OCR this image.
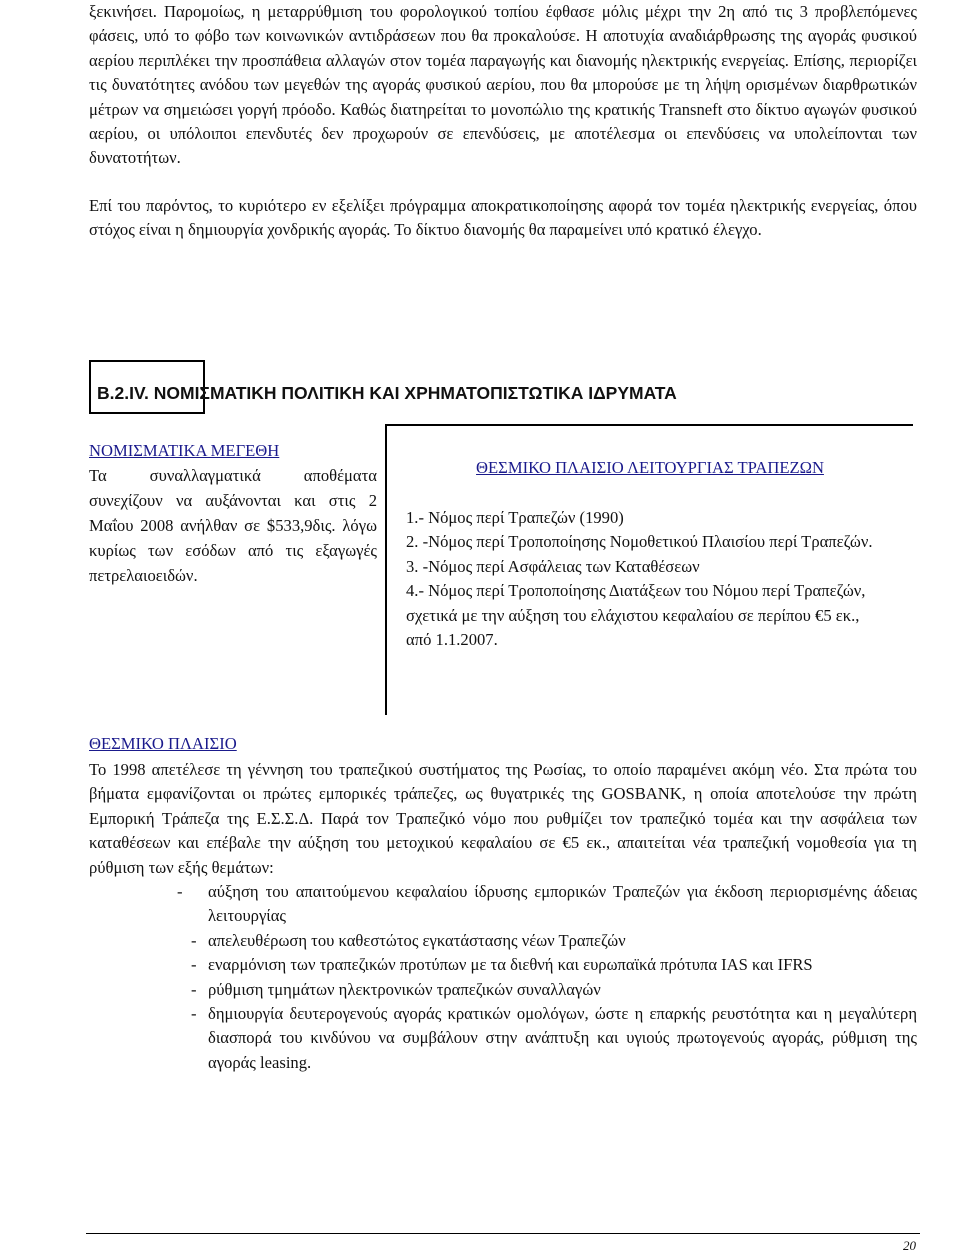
ξεκινήσει. Παρομοίως, η μεταρρύθμιση του φορολογικού τοπίου έφθασε μόλις μέχρι την 2η από τις 3 προβλεπόμενες φάσεις, υπό το φόβο των κοινωνικών αντιδράσεων που θα προκαλούσε. Η αποτυχία αναδιάρθρωσης της αγοράς φυσικού αερίου περιπλέκει την προσπάθεια αλλαγών στον τομέα παραγωγής και διανομής ηλεκτρικής ενεργείας. Επίσης, περιορίζει τις δυνατότητες ανόδου των μεγεθών της αγοράς φυσικού αερίου, που θα μπορούσε με τη λήψη ορισμένων διαρθρωτικών μέτρων να σημειώσει γοργή πρόοδο. Καθώς διατηρείται το μονοπώλιο της κρατικής Transneft στο δίκτυο αγωγών φυσικού αερίου, οι υπόλοιποι επενδυτές δεν προχωρούν σε επενδύσεις, με αποτέλεσμα οι επενδύσεις να υπολείπονται των δυνατοτήτων.

Επί του παρόντος, το κυριότερο εν εξελίξει πρόγραμμα αποκρατικοποίησης αφορά τον τομέα ηλεκτρικής ενεργείας, όπου στόχος είναι η δημιουργία χονδρικής αγοράς. Το δίκτυο διανομής θα παραμείνει υπό κρατικό έλεγχο.

Β.2.IV. ΝΟΜΙΣΜΑΤΙΚΗ ΠΟΛΙΤΙΚΗ ΚΑΙ ΧΡΗΜΑΤΟΠΙΣΤΩΤΙΚΑ ΙΔΡΥΜΑΤΑ
ΝΟΜΙΣΜΑΤΙΚΑ ΜΕΓΕΘΗ
Τα συναλλαγματικά αποθέματα συνεχίζουν να αυξάνονται και στις 2 Μαΐου 2008 ανήλθαν σε $533,9δις. λόγω κυρίως των εσόδων από τις εξαγωγές πετρελαιοειδών.
ΘΕΣΜΙΚΟ ΠΛΑΙΣΙΟ ΛΕΙΤΟΥΡΓΙΑΣ ΤΡΑΠΕΖΩΝ
1.- Νόμος περί Τραπεζών (1990)
2. -Νόμος περί Τροποποίησης Νομοθετικού Πλαισίου περί Τραπεζών.
3. -Νόμος περί Ασφάλειας των Καταθέσεων
4.- Νόμος περί Τροποποίησης Διατάξεων του Νόμου περί Τραπεζών, σχετικά με την αύξηση του ελάχιστου κεφαλαίου σε περίπου €5 εκ., από 1.1.2007.
ΘΕΣΜΙΚΟ ΠΛΑΙΣΙΟ

Το 1998 απετέλεσε τη γέννηση του τραπεζικού συστήματος της Ρωσίας, το οποίο παραμένει ακόμη νέο. Στα πρώτα του βήματα εμφανίζονται οι πρώτες εμπορικές τράπεζες, ως θυγατρικές της GOSBANK, η οποία αποτελούσε την πρώτη Εμπορική Τράπεζα της Ε.Σ.Σ.Δ. Παρά τον Τραπεζικό νόμο που ρυθμίζει τον τραπεζικό τομέα και την ασφάλεια των καταθέσεων και επέβαλε την αύξηση του μετοχικού κεφαλαίου σε €5 εκ., απαιτείται νέα τραπεζική νομοθεσία για τη ρύθμιση των εξής θεμάτων:

- αύξηση του απαιτούμενου κεφαλαίου ίδρυσης εμπορικών Τραπεζών για έκδοση περιορισμένης άδειας λειτουργίας
- απελευθέρωση του καθεστώτος εγκατάστασης νέων Τραπεζών
- εναρμόνιση των τραπεζικών προτύπων με τα διεθνή και ευρωπαϊκά πρότυπα IAS και IFRS
- ρύθμιση τμημάτων ηλεκτρονικών τραπεζικών συναλλαγών
- δημιουργία δευτερογενούς αγοράς κρατικών ομολόγων, ώστε η επαρκής ρευστότητα και η μεγαλύτερη διασπορά του κινδύνου να συμβάλουν στην ανάπτυξη και υγιούς πρωτογενούς αγοράς, ρύθμιση της αγοράς leasing.
20
